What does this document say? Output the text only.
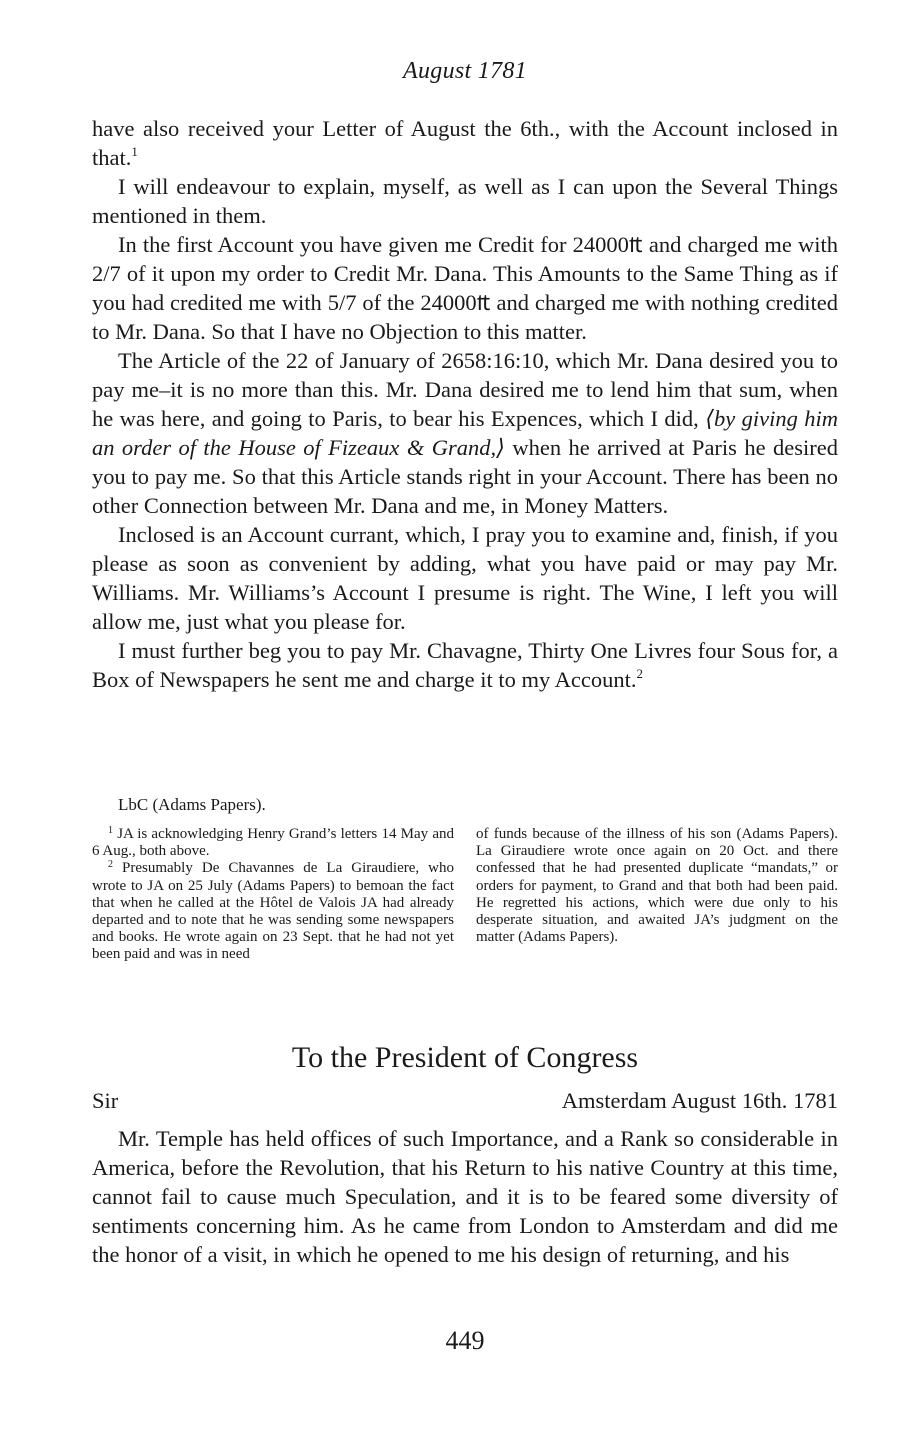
August 1781

have also received your Letter of August the 6th., with the Account inclosed in that.$^1$

I will endeavour to explain, myself, as well as I can upon the Several Things mentioned in them.

In the first Account you have given me Credit for 24000₶ and charged me with 2/7 of it upon my order to Credit Mr. Dana. This Amounts to the Same Thing as if you had credited me with 5/7 of the 24000₶ and charged me with nothing credited to Mr. Dana. So that I have no Objection to this matter.

The Article of the 22 of January of 2658:16:10, which Mr. Dana desired you to pay me–it is no more than this. Mr. Dana desired me to lend him that sum, when he was here, and going to Paris, to bear his Expences, which I did, ⟨by giving him an order of the House of Fizeaux & Grand,⟩ when he arrived at Paris he desired you to pay me. So that this Article stands right in your Account. There has been no other Connection between Mr. Dana and me, in Money Matters.

Inclosed is an Account currant, which, I pray you to examine and, finish, if you please as soon as convenient by adding, what you have paid or may pay Mr. Williams. Mr. Williams’s Account I presume is right. The Wine, I left you will allow me, just what you please for.

I must further beg you to pay Mr. Chavagne, Thirty One Livres four Sous for, a Box of Newspapers he sent me and charge it to my Account.$^2$

LbC (Adams Papers).

$^1$ JA is acknowledging Henry Grand’s letters 14 May and 6 Aug., both above.

$^2$ Presumably De Chavannes de La Giraudiere, who wrote to JA on 25 July (Adams Papers) to bemoan the fact that when he called at the Hôtel de Valois JA had already departed and to note that he was sending some newspapers and books. He wrote again on 23 Sept. that he had not yet been paid and was in need

of funds because of the illness of his son (Adams Papers). La Giraudiere wrote once again on 20 Oct. and there confessed that he had presented duplicate “mandats,” or orders for payment, to Grand and that both had been paid. He regretted his actions, which were due only to his desperate situation, and awaited JA’s judgment on the matter (Adams Papers).

To the President of Congress
Sir	Amsterdam August 16th. 1781

Mr. Temple has held offices of such Importance, and a Rank so considerable in America, before the Revolution, that his Return to his native Country at this time, cannot fail to cause much Speculation, and it is to be feared some diversity of sentiments concerning him. As he came from London to Amsterdam and did me the honor of a visit, in which he opened to me his design of returning, and his

449
